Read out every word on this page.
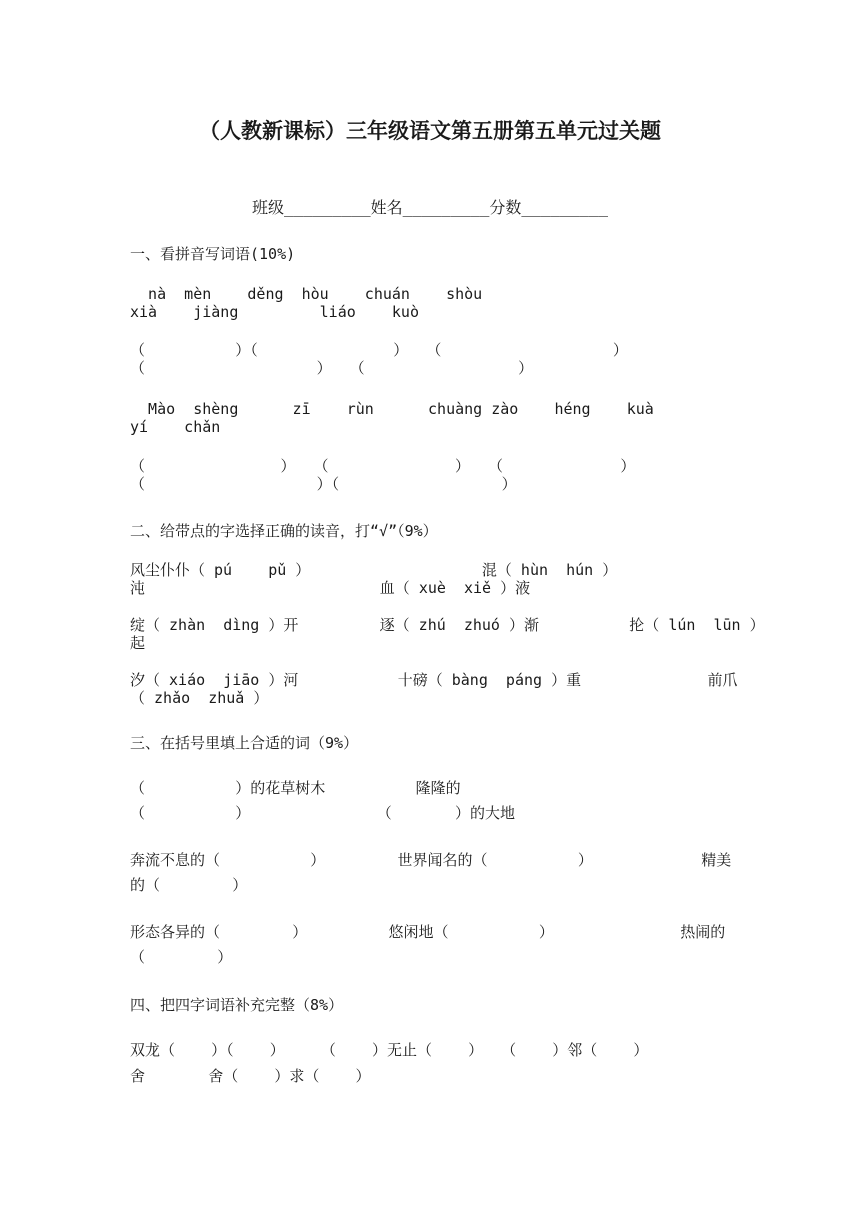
（人教新课标）三年级语文第五册第五单元过关题
班级_________姓名_________分数_________
一、看拼音写词语(10%)
nà  mèn    děng  hòu    chuán    shòu
xià    jiàng         liáo    kuò
（          ）（               ）  （                   ）
（                   ）  （                 ）
Mào  shèng      zī    rùn      chuàng zào    héng    kuà
yí    chǎn
（               ）  （              ）  （             ）
（                   ）（                  ）
二、给带点的字选择正确的读音，打“√”（9%）
风尘仆仆（ pú    pǔ ）                   混（ hùn  hún ）
沌                          血（ xuè  xiě ）液
绽（ zhàn  dìng ）开         逐（ zhú  zhuó ）渐          抡（ lún  lūn ）
起
汐（ xiáo  jiāo ）河           十磅（ bàng  páng ）重              前爪
（ zhǎo  zhuǎ ）
三、在括号里填上合适的词（9%）
（          ）的花草树木          隆隆的
（          ）              （       ）的大地
奔流不息的（          ）        世界闻名的（          ）            精美
的（        ）
形态各异的（        ）         悠闲地（          ）              热闹的
（        ）
四、把四字词语补充完整（8%）
双龙（    ）（    ）    （    ）无止（    ）  （    ）邻（    ）
舍       舍（    ）求（    ）
